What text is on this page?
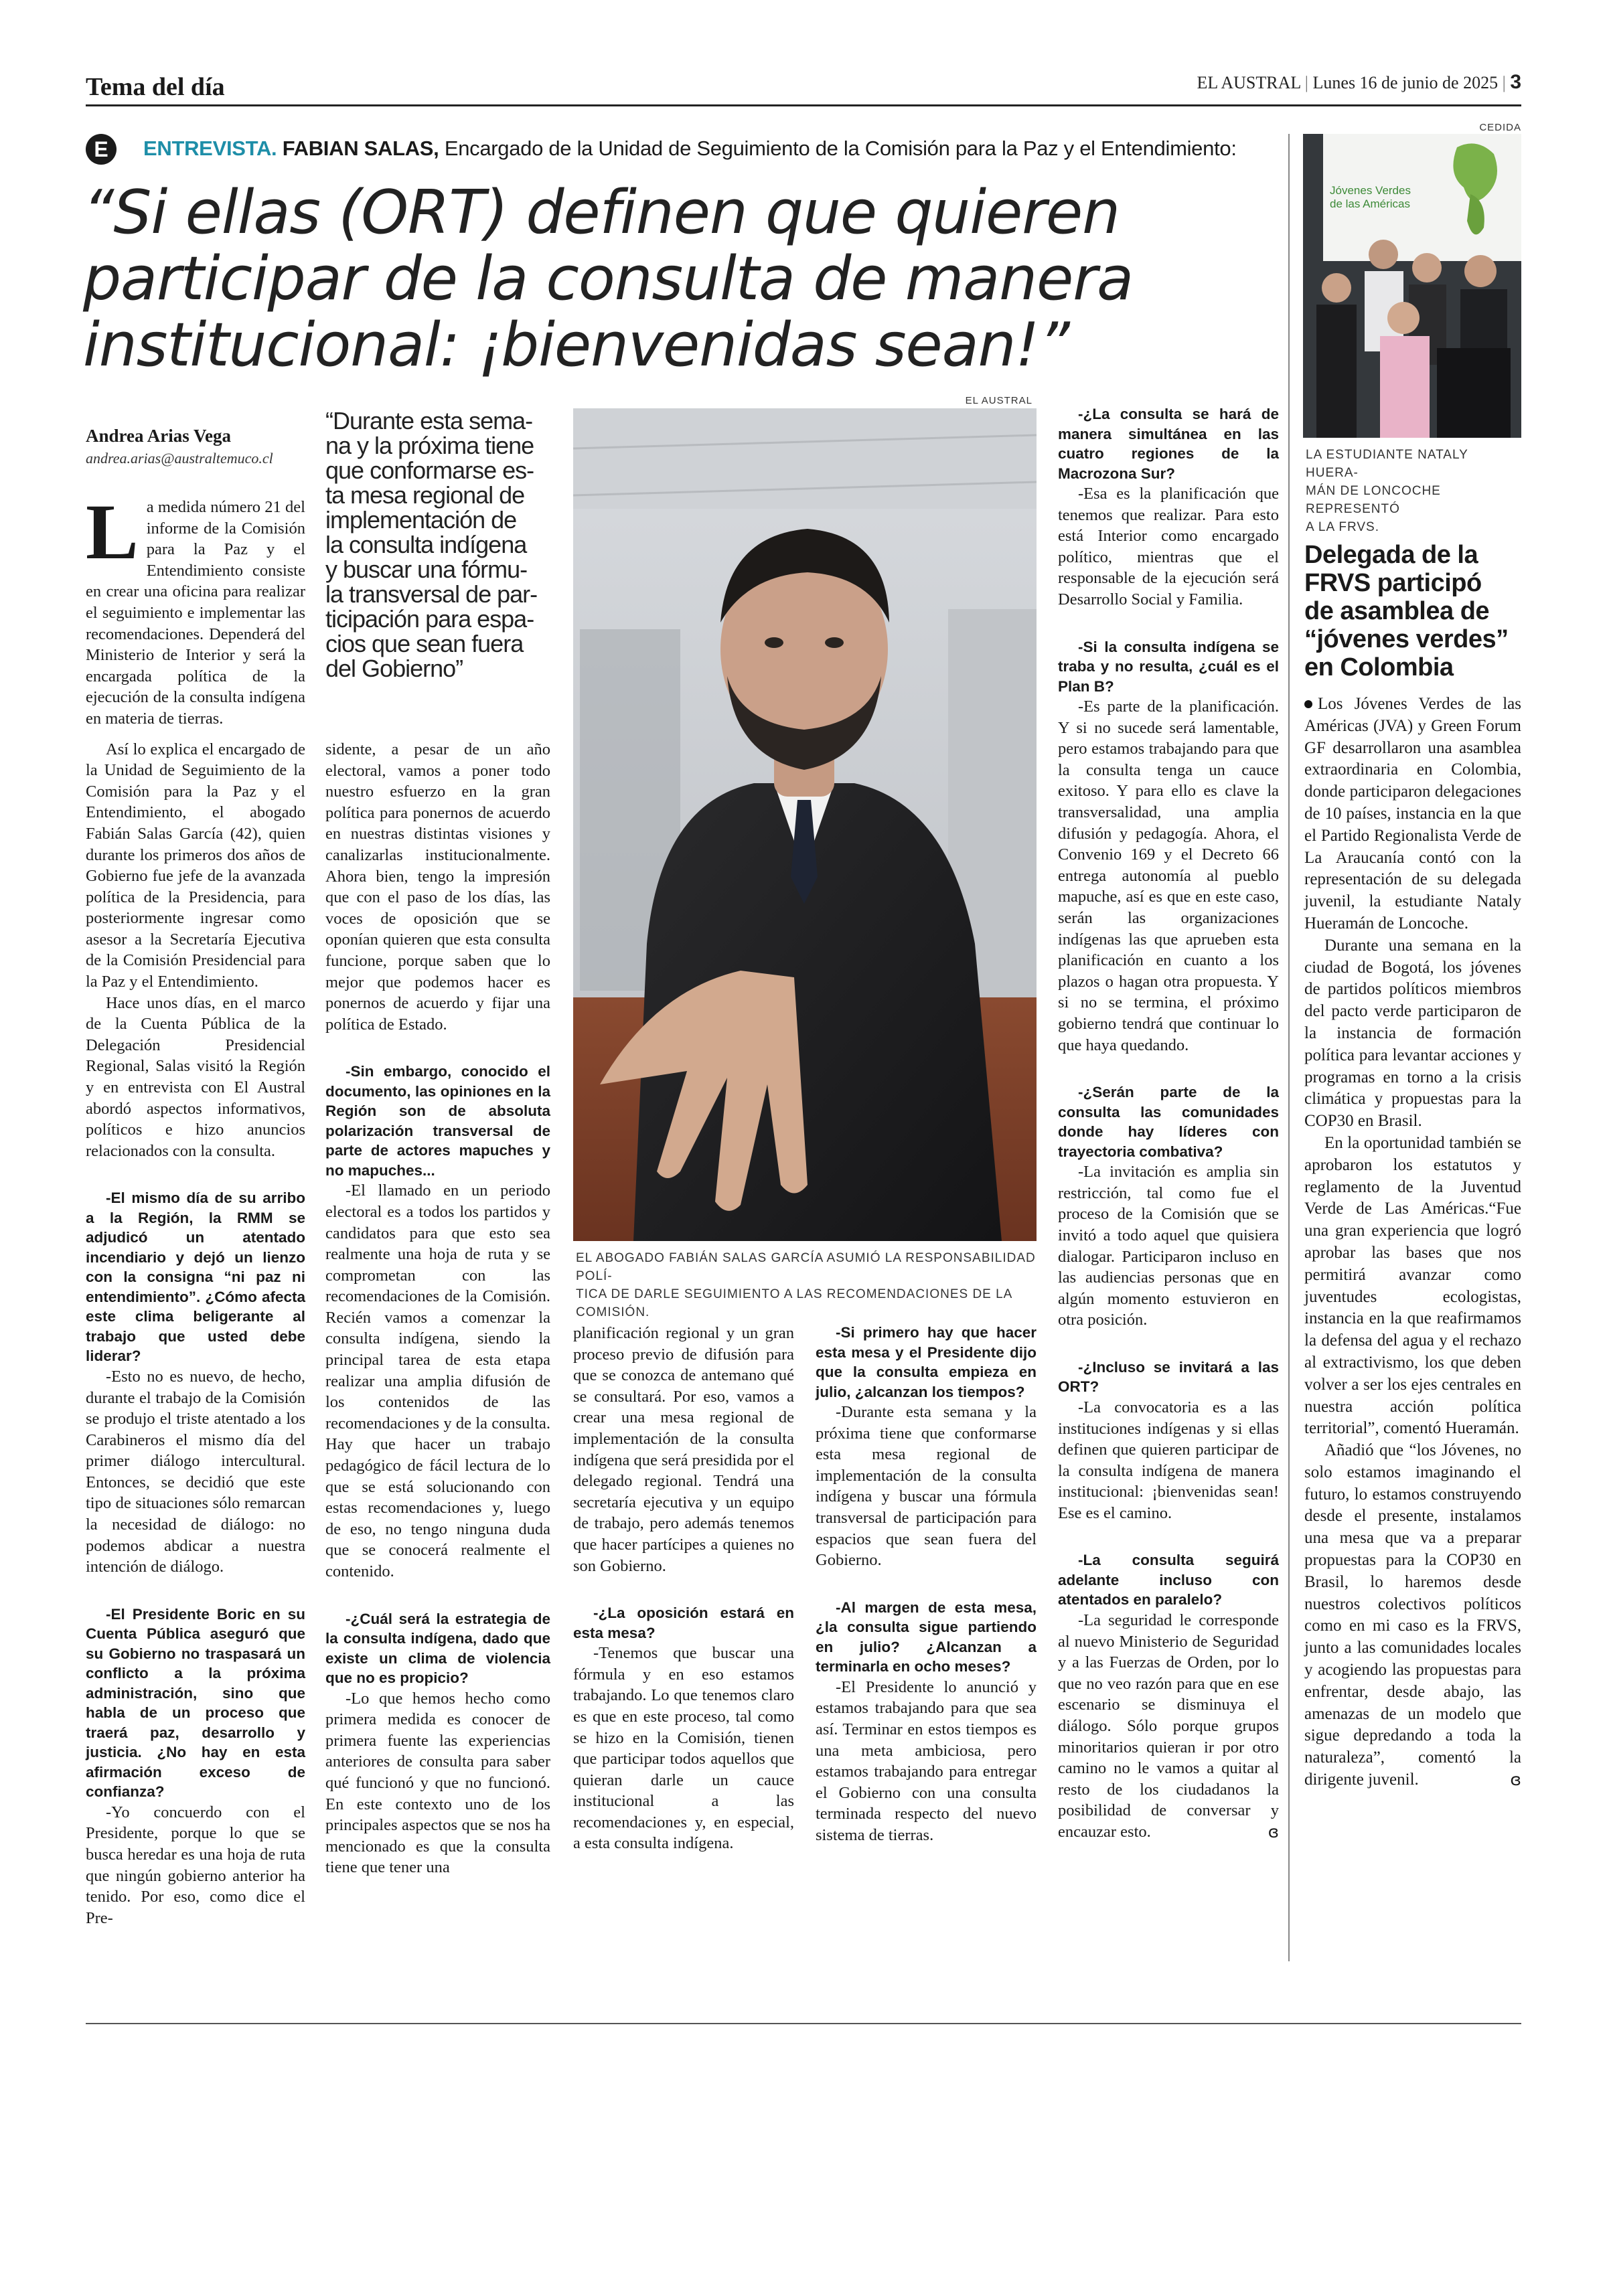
Tema del día	EL AUSTRAL | Lunes 16 de junio de 2025 | 3
E	ENTREVISTA. FABIAN SALAS, Encargado de la Unidad de Seguimiento de la Comisión para la Paz y el Entendimiento:
“Si ellas (ORT) definen que quieren
participar de la consulta de manera
institucional: ¡bienvenidas sean!”
Andrea Arias Vega
andrea.arias@australtemuco.cl
“Durante esta sema-
na y la próxima tiene
que conformarse es-
ta mesa regional de
implementación de
la consulta indígena
y buscar una fórmu-
la transversal de par-
ticipación para espa-
cios que sean fuera
del Gobierno”
EL AUSTRAL
EL ABOGADO FABIÁN SALAS GARCÍA ASUMIÓ LA RESPONSABILIDAD POLÍ-
TICA DE DARLE SEGUIMIENTO A LAS RECOMENDACIONES DE LA COMISIÓN.

La medida número 21 del informe de la Comisión para la Paz y el Entendimiento consiste en crear una oficina para realizar el seguimiento e implementar las recomendaciones. Dependerá del Ministerio de Interior y será la encargada política de la ejecución de la consulta indígena en materia de tierras.

Así lo explica el encargado de la Unidad de Seguimiento de la Comisión para la Paz y el Entendimiento, el abogado Fabián Salas García (42), quien durante los primeros dos años de Gobierno fue jefe de la avanzada política de la Presidencia, para posteriormente ingresar como asesor a la Secretaría Ejecutiva de la Comisión Presidencial para la Paz y el Entendimiento.

Hace unos días, en el marco de la Cuenta Pública de la Delegación Presidencial Regional, Salas visitó la Región y en entrevista con El Austral abordó aspectos informativos, políticos e hizo anuncios relacionados con la consulta.

-El mismo día de su arribo a la Región, la RMM se adjudicó un atentado incendiario y dejó un lienzo con la consigna “ni paz ni entendimiento”. ¿Cómo afecta este clima beligerante al trabajo que usted debe liderar?

-Esto no es nuevo, de hecho, durante el trabajo de la Comisión se produjo el triste atentado a los Carabineros el mismo día del primer diálogo intercultural. Entonces, se decidió que este tipo de situaciones sólo remarcan la necesidad de diálogo: no podemos abdicar a nuestra intención de diálogo.

-El Presidente Boric en su Cuenta Pública aseguró que su Gobierno no traspasará un conflicto a la próxima administración, sino que habla de un proceso que traerá paz, desarrollo y justicia. ¿No hay en esta afirmación exceso de confianza?

-Yo concuerdo con el Presidente, porque lo que se busca heredar es una hoja de ruta que ningún gobierno anterior ha tenido. Por eso, como dice el Pre-

sidente, a pesar de un año electoral, vamos a poner todo nuestro esfuerzo en la gran política para ponernos de acuerdo en nuestras distintas visiones y canalizarlas institucionalmente. Ahora bien, tengo la impresión que con el paso de los días, las voces de oposición que se oponían quieren que esta consulta funcione, porque saben que lo mejor que podemos hacer es ponernos de acuerdo y fijar una política de Estado.

-Sin embargo, conocido el documento, las opiniones en la Región son de absoluta polarización transversal de parte de actores mapuches y no mapuches...

-El llamado en un periodo electoral es a todos los partidos y candidatos para que esto sea realmente una hoja de ruta y se comprometan con las recomendaciones de la Comisión. Recién vamos a comenzar la consulta indígena, siendo la principal tarea de esta etapa realizar una amplia difusión de los contenidos de las recomendaciones y de la consulta. Hay que hacer un trabajo pedagógico de fácil lectura de lo que se está solucionando con estas recomendaciones y, luego de eso, no tengo ninguna duda que se conocerá realmente el contenido.

-¿Cuál será la estrategia de la consulta indígena, dado que existe un clima de violencia que no es propicio?

-Lo que hemos hecho como primera medida es conocer de primera fuente las experiencias anteriores de consulta para saber qué funcionó y que no funcionó. En este contexto uno de los principales aspectos que se nos ha mencionado es que la consulta tiene que tener una

planificación regional y un gran proceso previo de difusión para que se conozca de antemano qué se consultará. Por eso, vamos a crear una mesa regional de implementación de la consulta indígena que será presidida por el delegado regional. Tendrá una secretaría ejecutiva y un equipo de trabajo, pero además tenemos que hacer partícipes a quienes no son Gobierno.

-¿La oposición estará en esta mesa?

-Tenemos que buscar una fórmula y en eso estamos trabajando. Lo que tenemos claro es que en este proceso, tal como se hizo en la Comisión, tienen que participar todos aquellos que quieran darle un cauce institucional a las recomendaciones y, en especial, a esta consulta indígena.

-Si primero hay que hacer esta mesa y el Presidente dijo que la consulta empieza en julio, ¿alcanzan los tiempos?

-Durante esta semana y la próxima tiene que conformarse esta mesa regional de implementación de la consulta indígena y buscar una fórmula transversal de participación para espacios que sean fuera del Gobierno.

-Al margen de esta mesa, ¿la consulta sigue partiendo en julio? ¿Alcanzan a terminarla en ocho meses?

-El Presidente lo anunció y estamos trabajando para que sea así. Terminar en estos tiempos es una meta ambiciosa, pero estamos trabajando para entregar el Gobierno con una consulta terminada respecto del nuevo sistema de tierras.

-¿La consulta se hará de manera simultánea en las cuatro regiones de la Macrozona Sur?

-Esa es la planificación que tenemos que realizar. Para esto está Interior como encargado político, mientras que el responsable de la ejecución será Desarrollo Social y Familia.

-Si la consulta indígena se traba y no resulta, ¿cuál es el Plan B?

-Es parte de la planificación. Y si no sucede será lamentable, pero estamos trabajando para que la consulta tenga un cauce exitoso. Y para ello es clave la transversalidad, una amplia difusión y pedagogía. Ahora, el Convenio 169 y el Decreto 66 entrega autonomía al pueblo mapuche, así es que en este caso, serán las organizaciones indígenas las que aprueben esta planificación en cuanto a los plazos o hagan otra propuesta. Y si no se termina, el próximo gobierno tendrá que continuar lo que haya quedando.

-¿Serán parte de la consulta las comunidades donde hay líderes con trayectoria combativa?

-La invitación es amplia sin restricción, tal como fue el proceso de la Comisión que se invitó a todo aquel que quisiera dialogar. Participaron incluso en las audiencias personas que en algún momento estuvieron en otra posición.

-¿Incluso se invitará a las ORT?

-La convocatoria es a las instituciones indígenas y si ellas definen que quieren participar de la consulta indígena de manera institucional: ¡bienvenidas sean! Ese es el camino.

-La consulta seguirá adelante incluso con atentados en paralelo?

-La seguridad le corresponde al nuevo Ministerio de Seguridad y a las Fuerzas de Orden, por lo que no veo razón para que en ese escenario se disminuya el diálogo. Sólo porque grupos minoritarios quieran ir por otro camino no le vamos a quitar al resto de los ciudadanos la posibilidad de conversar y encauzar esto.	ɞ

CEDIDA
Jóvenes Verdes
de las Américas
LA ESTUDIANTE NATALY HUERA-
MÁN DE LONCOCHE REPRESENTÓ
A LA FRVS.
Delegada de la
FRVS participó
de asamblea de
“jóvenes verdes”
en Colombia

Los Jóvenes Verdes de las Américas (JVA) y Green Forum GF desarrollaron una asamblea extraordinaria en Colombia, donde participaron delegaciones de 10 países, instancia en la que el Partido Regionalista Verde de La Araucanía contó con la representación de su delegada juvenil, la estudiante Nataly Hueramán de Loncoche.

Durante una semana en la ciudad de Bogotá, los jóvenes de partidos políticos miembros del pacto verde participaron de la instancia de formación política para levantar acciones y programas en torno a la crisis climática y propuestas para la COP30 en Brasil.

En la oportunidad también se aprobaron los estatutos y reglamento de la Juventud Verde de Las Américas.“Fue una gran experiencia que logró aprobar las bases que nos permitirá avanzar como juventudes ecologistas, instancia en la que reafirmamos la defensa del agua y el rechazo al extractivismo, los que deben volver a ser los ejes centrales en nuestra acción política territorial”, comentó Hueramán.

Añadió que “los Jóvenes, no solo estamos imaginando el futuro, lo estamos construyendo desde el presente, instalamos una mesa que va a preparar propuestas para la COP30 en Brasil, lo haremos desde nuestros colectivos políticos como en mi caso es la FRVS, junto a las comunidades locales y acogiendo las propuestas para enfrentar, desde abajo, las amenazas de un modelo que sigue depredando a toda la naturaleza”, comentó la dirigente juvenil.	ɞ
